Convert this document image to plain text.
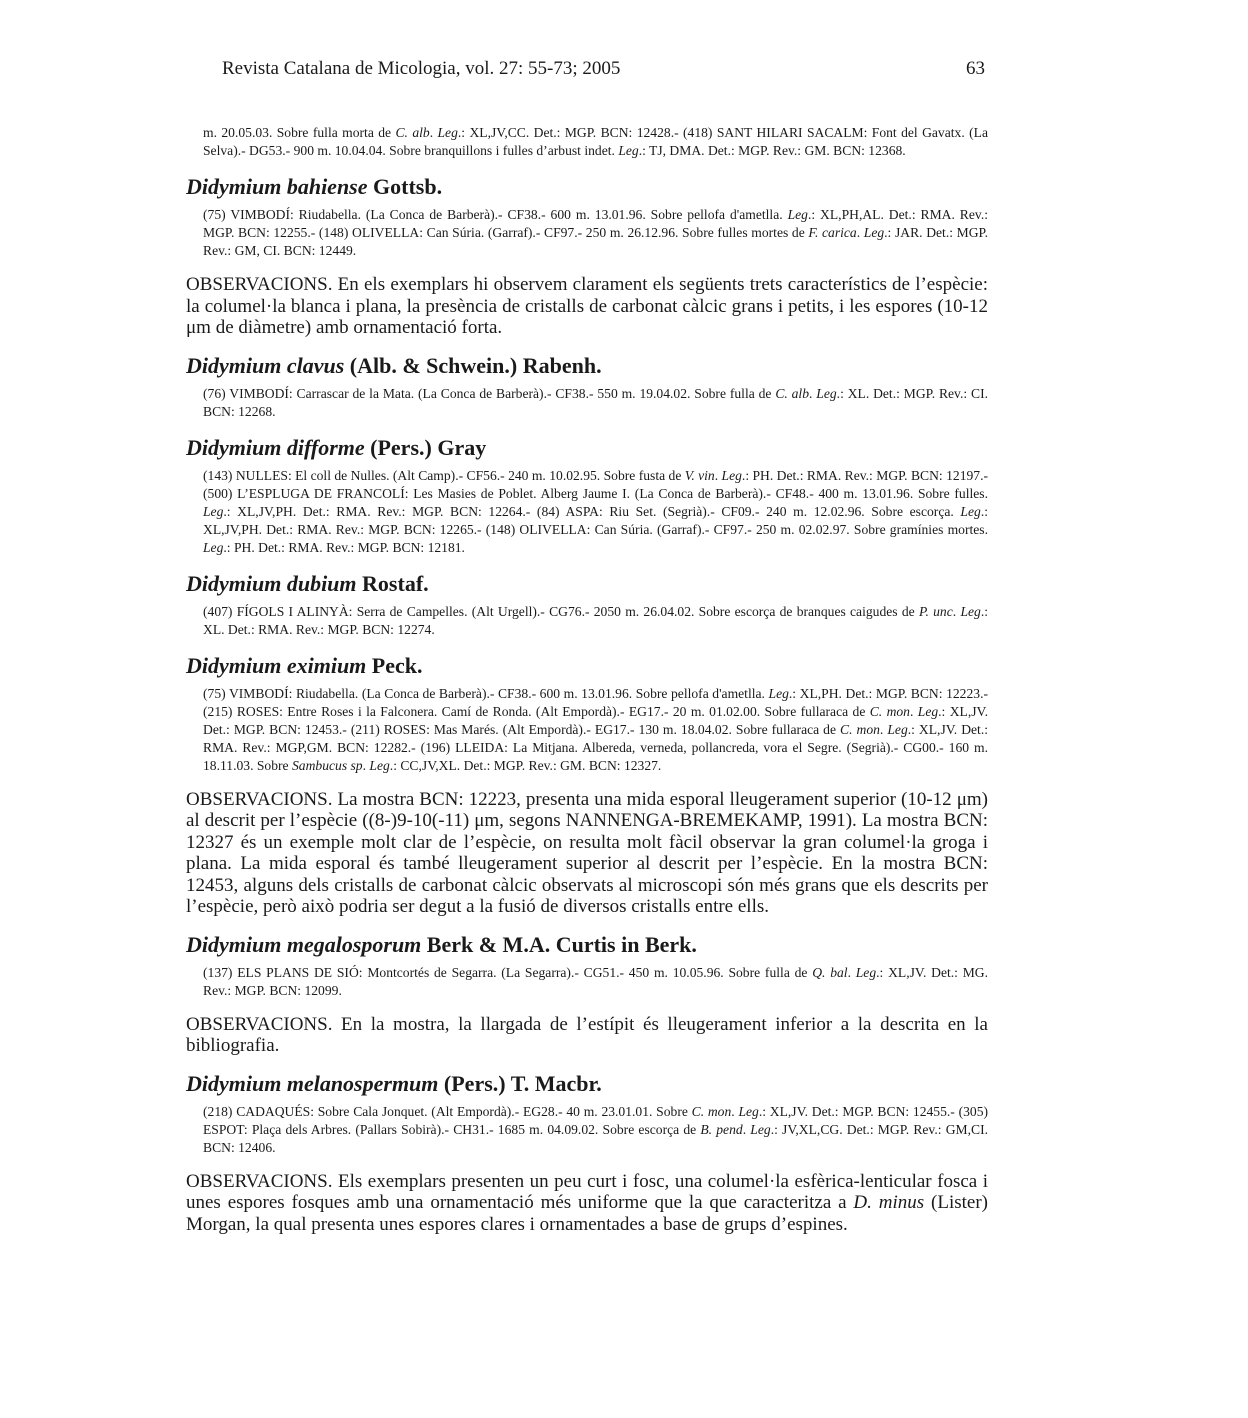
Revista Catalana de Micologia, vol. 27: 55-73; 2005	63

m. 20.05.03. Sobre fulla morta de C. alb. Leg.: XL,JV,CC. Det.: MGP. BCN: 12428.- (418) SANT HILARI SACALM: Font del Gavatx. (La Selva).- DG53.- 900 m. 10.04.04. Sobre branquillons i fulles d’arbust indet. Leg.: TJ, DMA. Det.: MGP. Rev.: GM. BCN: 12368.

Didymium bahiense Gottsb.

(75) VIMBODÍ: Riudabella. (La Conca de Barberà).- CF38.- 600 m. 13.01.96. Sobre pellofa d'ametlla. Leg.: XL,PH,AL. Det.: RMA. Rev.: MGP. BCN: 12255.- (148) OLIVELLA: Can Súria. (Garraf).- CF97.- 250 m. 26.12.96. Sobre fulles mortes de F. carica. Leg.: JAR. Det.: MGP. Rev.: GM, CI. BCN: 12449.

OBSERVACIONS. En els exemplars hi observem clarament els següents trets característics de l’espècie: la columel·la blanca i plana, la presència de cristalls de carbonat càlcic grans i petits, i les espores (10-12 μm de diàmetre) amb ornamentació forta.

Didymium clavus (Alb. & Schwein.) Rabenh.

(76) VIMBODÍ: Carrascar de la Mata. (La Conca de Barberà).- CF38.- 550 m. 19.04.02. Sobre fulla de C. alb. Leg.: XL. Det.: MGP. Rev.: CI. BCN: 12268.

Didymium difforme (Pers.) Gray

(143) NULLES: El coll de Nulles. (Alt Camp).- CF56.- 240 m. 10.02.95. Sobre fusta de V. vin. Leg.: PH. Det.: RMA. Rev.: MGP. BCN: 12197.- (500) L’ESPLUGA DE FRANCOLÍ: Les Masies de Poblet. Alberg Jaume I. (La Conca de Barberà).- CF48.- 400 m. 13.01.96. Sobre fulles. Leg.: XL,JV,PH. Det.: RMA. Rev.: MGP. BCN: 12264.- (84) ASPA: Riu Set. (Segrià).- CF09.- 240 m. 12.02.96. Sobre escorça. Leg.: XL,JV,PH. Det.: RMA. Rev.: MGP. BCN: 12265.- (148) OLIVELLA: Can Súria. (Garraf).- CF97.- 250 m. 02.02.97. Sobre gramínies mortes. Leg.: PH. Det.: RMA. Rev.: MGP. BCN: 12181.

Didymium dubium Rostaf.

(407) FÍGOLS I ALINYÀ: Serra de Campelles. (Alt Urgell).- CG76.- 2050 m. 26.04.02. Sobre escorça de branques caigudes de P. unc. Leg.: XL. Det.: RMA. Rev.: MGP. BCN: 12274.

Didymium eximium Peck.

(75) VIMBODÍ: Riudabella. (La Conca de Barberà).- CF38.- 600 m. 13.01.96. Sobre pellofa d'ametlla. Leg.: XL,PH. Det.: MGP. BCN: 12223.- (215) ROSES: Entre Roses i la Falconera. Camí de Ronda. (Alt Empordà).- EG17.- 20 m. 01.02.00. Sobre fullaraca de C. mon. Leg.: XL,JV. Det.: MGP. BCN: 12453.- (211) ROSES: Mas Marés. (Alt Empordà).- EG17.- 130 m. 18.04.02. Sobre fullaraca de C. mon. Leg.: XL,JV. Det.: RMA. Rev.: MGP,GM. BCN: 12282.- (196) LLEIDA: La Mitjana. Albereda, verneda, pollancreda, vora el Segre. (Segrià).- CG00.- 160 m. 18.11.03. Sobre Sambucus sp. Leg.: CC,JV,XL. Det.: MGP. Rev.: GM. BCN: 12327.

OBSERVACIONS. La mostra BCN: 12223, presenta una mida esporal lleugerament superior (10-12 μm) al descrit per l’espècie ((8-)9-10(-11) μm, segons NANNENGA-BREMEKAMP, 1991). La mostra BCN: 12327 és un exemple molt clar de l’espècie, on resulta molt fàcil observar la gran columel·la groga i plana. La mida esporal és també lleugerament superior al descrit per l’espècie. En la mostra BCN: 12453, alguns dels cristalls de carbonat càlcic observats al microscopi són més grans que els descrits per l’espècie, però això podria ser degut a la fusió de diversos cristalls entre ells.

Didymium megalosporum Berk & M.A. Curtis in Berk.

(137) ELS PLANS DE SIÓ: Montcortés de Segarra. (La Segarra).- CG51.- 450 m. 10.05.96. Sobre fulla de Q. bal. Leg.: XL,JV. Det.: MG. Rev.: MGP. BCN: 12099.

OBSERVACIONS. En la mostra, la llargada de l’estípit és lleugerament inferior a la descrita en la bibliografia.

Didymium melanospermum (Pers.) T. Macbr.

(218) CADAQUÉS: Sobre Cala Jonquet. (Alt Empordà).- EG28.- 40 m. 23.01.01. Sobre C. mon. Leg.: XL,JV. Det.: MGP. BCN: 12455.- (305) ESPOT: Plaça dels Arbres. (Pallars Sobirà).- CH31.- 1685 m. 04.09.02. Sobre escorça de B. pend. Leg.: JV,XL,CG. Det.: MGP. Rev.: GM,CI. BCN: 12406.

OBSERVACIONS. Els exemplars presenten un peu curt i fosc, una columel·la esfèrica-lenticular fosca i unes espores fosques amb una ornamentació més uniforme que la que caracteritza a D. minus (Lister) Morgan, la qual presenta unes espores clares i ornamentades a base de grups d’espines.
